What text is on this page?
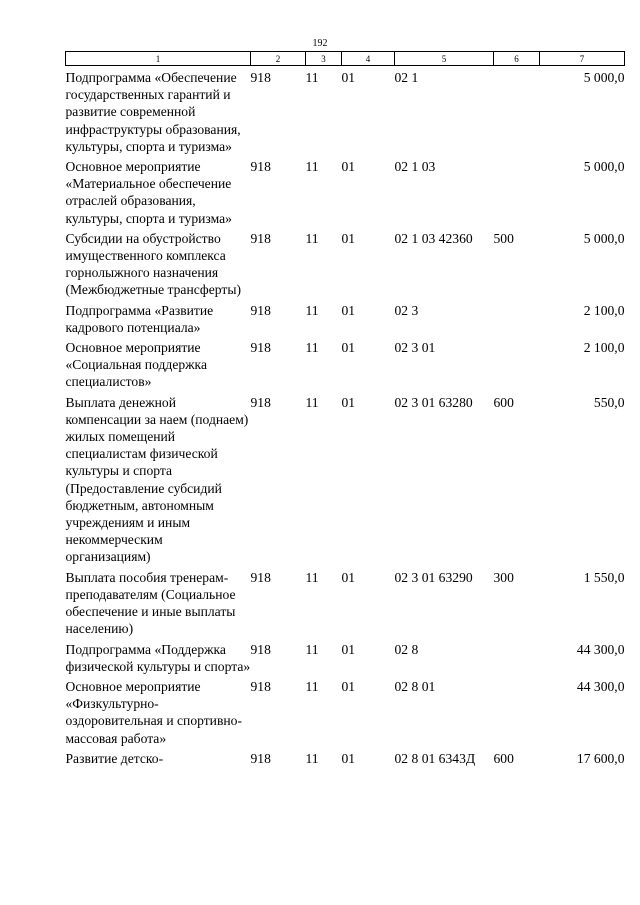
192
1	2	3	4	5	6	7
Подпрограмма «Обеспечение государственных гарантий и развитие современной инфраструктуры образования, культуры, спорта и туризма»	918	11	01	02 1		5 000,0
Основное мероприятие «Материальное обеспечение отраслей образования, культуры, спорта и туризма»	918	11	01	02 1 03		5 000,0
Субсидии на обустройство имущественного комплекса горнолыжного назначения (Межбюджетные трансферты)	918	11	01	02 1 03 42360	500	5 000,0
Подпрограмма «Развитие кадрового потенциала»	918	11	01	02 3		2 100,0
Основное мероприятие «Социальная поддержка специалистов»	918	11	01	02 3 01		2 100,0
Выплата денежной компенсации за наем (поднаем) жилых помещений специалистам физической культуры и спорта (Предоставление субсидий бюджетным, автономным учреждениям и иным некоммерческим организациям)	918	11	01	02 3 01 63280	600	550,0
Выплата пособия тренерам-преподавателям (Социальное обеспечение и иные выплаты населению)	918	11	01	02 3 01 63290	300	1 550,0
Подпрограмма «Поддержка физической культуры и спорта»	918	11	01	02 8		44 300,0
Основное мероприятие «Физкультурно-оздоровительная и спортивно-массовая работа»	918	11	01	02 8 01		44 300,0
Развитие детско-	918	11	01	02 8 01 6343Д	600	17 600,0
